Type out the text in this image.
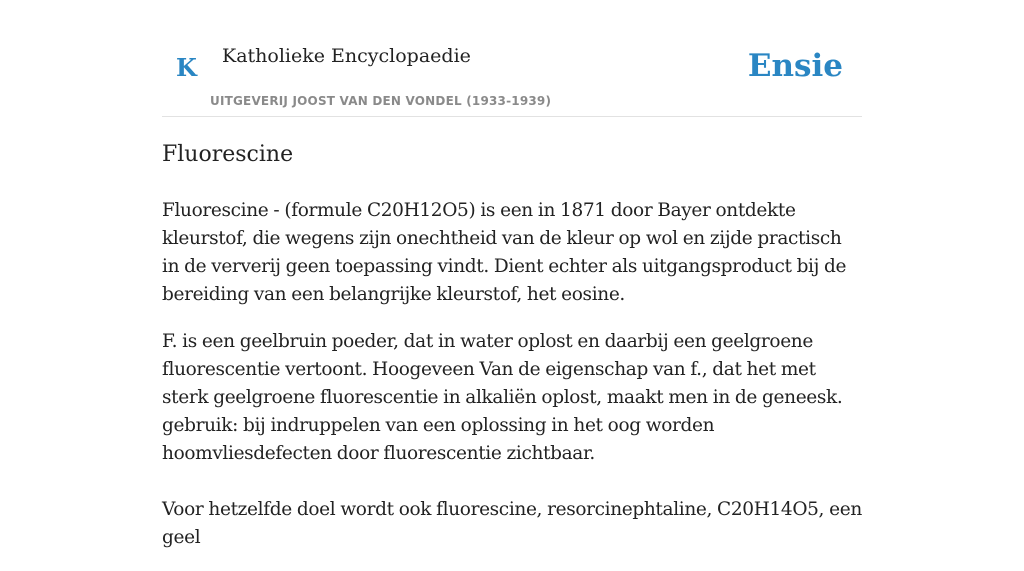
K Katholieke Encyclopaedie
UITGEVERIJ JOOST VAN DEN VONDEL (1933-1939)
Ensie
Fluorescine

Fluorescine - (formule C20H12O5) is een in 1871 door Bayer ontdekte kleurstof, die wegens zijn onechtheid van de kleur op wol en zijde practisch in de ververij geen toepassing vindt. Dient echter als uitgangsproduct bij de bereiding van een belangrijke kleurstof, het eosine.

F. is een geelbruin poeder, dat in water oplost en daarbij een geelgroene fluorescentie vertoont. Hoogeveen Van de eigenschap van f., dat het met sterk geelgroene fluorescentie in alkaliën oplost, maakt men in de geneesk. gebruik: bij indruppelen van een oplossing in het oog worden hoomvliesdefecten door fluorescentie zichtbaar.

Voor hetzelfde doel wordt ook fluorescine, resorcinephtaline, C20H14O5, een geel
